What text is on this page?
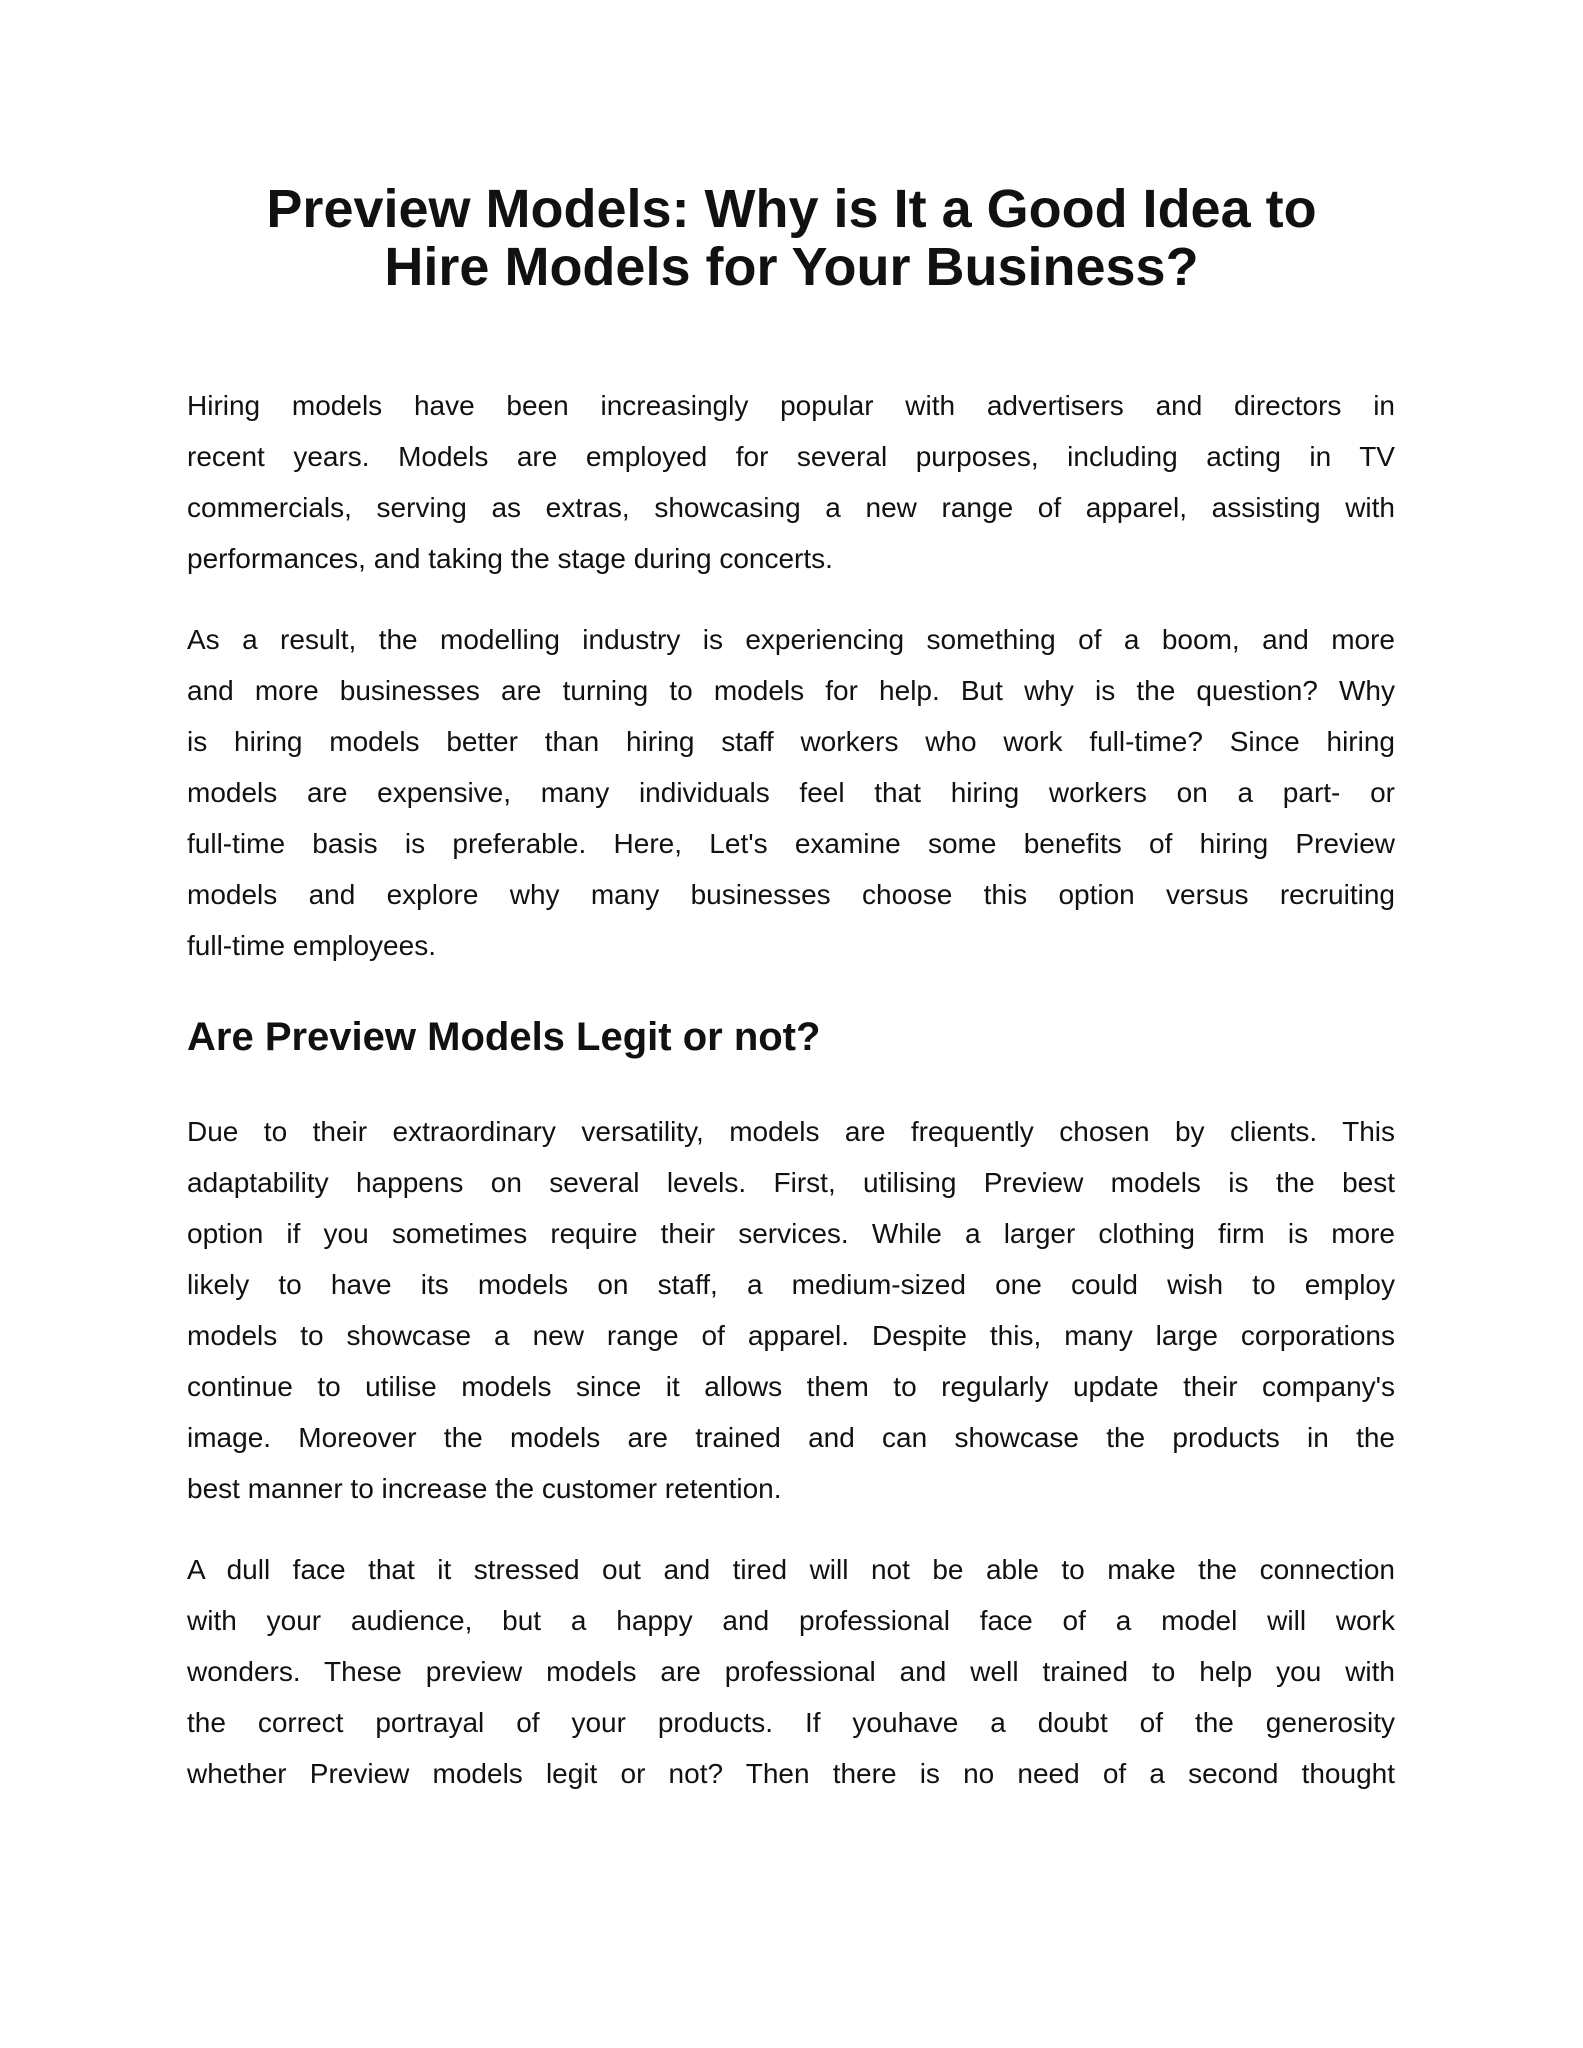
Preview Models: Why is It a Good Idea to
Hire Models for Your Business?
Hiring models have been increasingly popular with advertisers and directors in
recent years. Models are employed for several purposes, including acting in TV
commercials, serving as extras, showcasing a new range of apparel, assisting with
performances, and taking the stage during concerts.
As a result, the modelling industry is experiencing something of a boom, and more
and more businesses are turning to models for help. But why is the question? Why
is hiring models better than hiring staff workers who work full-time? Since hiring
models are expensive, many individuals feel that hiring workers on a part- or
full-time basis is preferable. Here, Let's examine some benefits of hiring Preview
models and explore why many businesses choose this option versus recruiting
full-time employees.
Are Preview Models Legit or not?
Due to their extraordinary versatility, models are frequently chosen by clients. This
adaptability happens on several levels. First, utilising Preview models is the best
option if you sometimes require their services. While a larger clothing firm is more
likely to have its models on staff, a medium-sized one could wish to employ
models to showcase a new range of apparel. Despite this, many large corporations
continue to utilise models since it allows them to regularly update their company's
image. Moreover the models are trained and can showcase the products in the
best manner to increase the customer retention.
A dull face that it stressed out and tired will not be able to make the connection
with your audience, but a happy and professional face of a model will work
wonders. These preview models are professional and well trained to help you with
the correct portrayal of your products. If youhave a doubt of the generosity
whether Preview models legit or not? Then there is no need of a second thought
